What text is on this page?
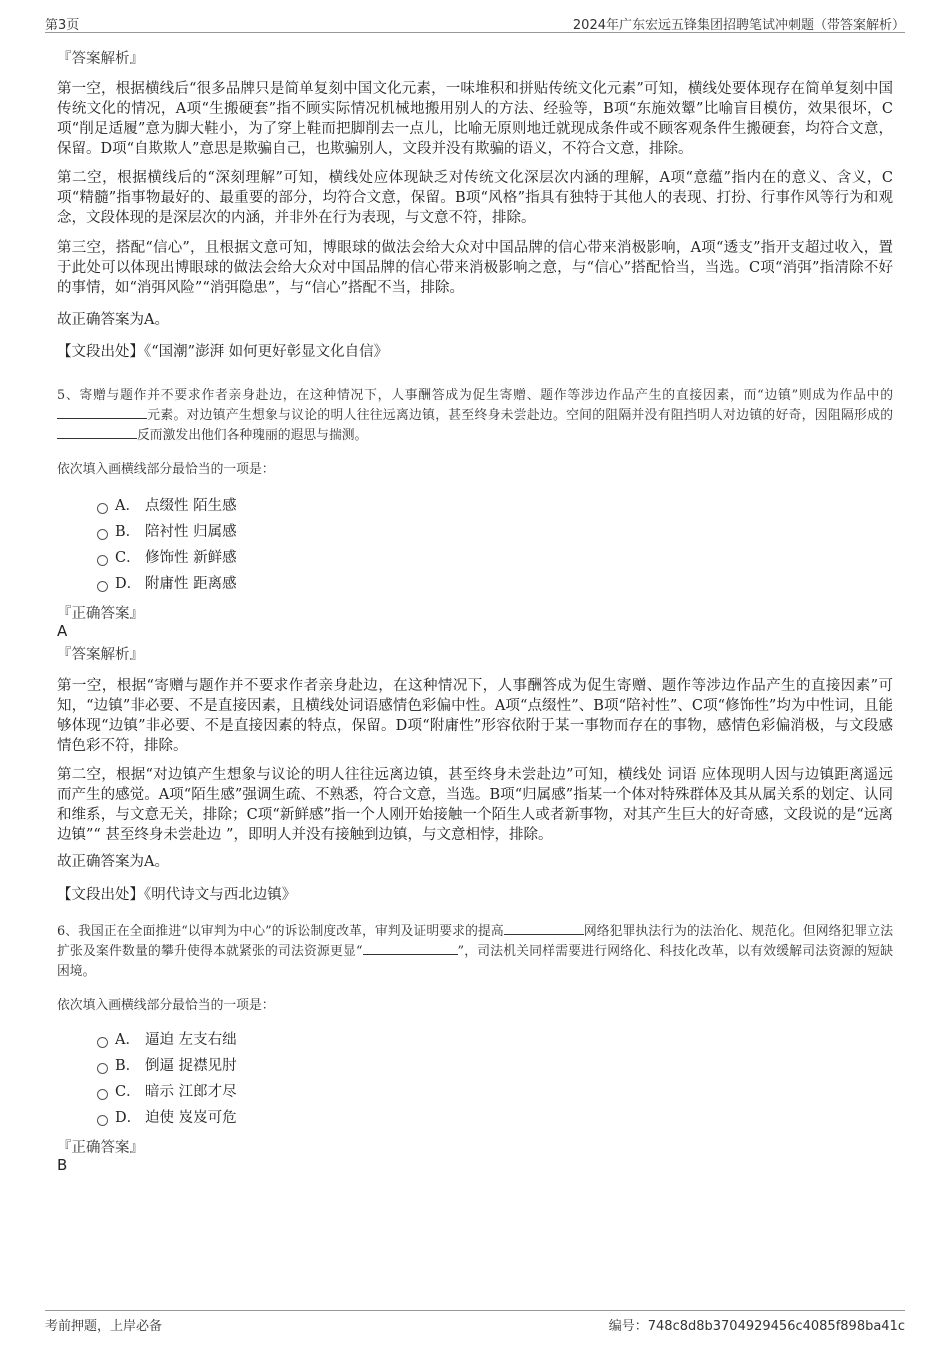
第3页	2024年广东宏远五锋集团招聘笔试冲刺题（带答案解析）
『答案解析』

第一空，根据横线后“很多品牌只是简单复刻中国文化元素，一味堆积和拼贴传统文化元素”可知，横线处要体现存在简单复刻中国传统文化的情况，A项“生搬硬套”指不顾实际情况机械地搬用别人的方法、经验等，B项“东施效颦”比喻盲目模仿，效果很坏，C项“削足适履”意为脚大鞋小，为了穿上鞋而把脚削去一点儿，比喻无原则地迁就现成条件或不顾客观条件生搬硬套，均符合文意，保留。D项“自欺欺人”意思是欺骗自己，也欺骗别人，文段并没有欺骗的语义，不符合文意，排除。

第二空，根据横线后的“深刻理解”可知，横线处应体现缺乏对传统文化深层次内涵的理解，A项“意蕴”指内在的意义、含义，C项“精髓”指事物最好的、最重要的部分，均符合文意，保留。B项“风格”指具有独特于其他人的表现、打扮、行事作风等行为和观念，文段体现的是深层次的内涵，并非外在行为表现，与文意不符，排除。

第三空，搭配“信心”，且根据文意可知，博眼球的做法会给大众对中国品牌的信心带来消极影响，A项“透支”指开支超过收入，置于此处可以体现出博眼球的做法会给大众对中国品牌的信心带来消极影响之意，与“信心”搭配恰当，当选。C项“消弭”指清除不好的事情，如“消弭风险”“消弭隐患”，与“信心”搭配不当，排除。

故正确答案为A。

【文段出处】《“国潮”澎湃 如何更好彰显文化自信》

5、寄赠与题作并不要求作者亲身赴边，在这种情况下，人事酬答成为促生寄赠、题作等涉边作品产生的直接因素，而“边镇”则成为作品中的元素。对边镇产生想象与议论的明人往往远离边镇，甚至终身未尝赴边。空间的阻隔并没有阻挡明人对边镇的好奇，因阻隔形成的反而激发出他们各种瑰丽的遐思与揣测。

依次填入画横线部分最恰当的一项是：

A． 点缀性 陌生感
B． 陪衬性 归属感
C． 修饰性 新鲜感
D． 附庸性 距离感
『正确答案』
A
『答案解析』

第一空，根据“寄赠与题作并不要求作者亲身赴边，在这种情况下，人事酬答成为促生寄赠、题作等涉边作品产生的直接因素”可知，“边镇”非必要、不是直接因素，且横线处词语感情色彩偏中性。A项“点缀性”、B项“陪衬性”、C项“修饰性”均为中性词，且能够体现“边镇”非必要、不是直接因素的特点，保留。D项“附庸性”形容依附于某一事物而存在的事物，感情色彩偏消极，与文段感情色彩不符，排除。

第二空，根据“对边镇产生想象与议论的明人往往远离边镇，甚至终身未尝赴边”可知，横线处 词语 应体现明人因与边镇距离遥远而产生的感觉。A项“陌生感”强调生疏、不熟悉，符合文意，当选。B项“归属感”指某一个体对特殊群体及其从属关系的划定、认同和维系，与文意无关，排除；C项“新鲜感”指一个人刚开始接触一个陌生人或者新事物，对其产生巨大的好奇感，文段说的是“远离边镇”“ 甚至终身未尝赴边 ”，即明人并没有接触到边镇，与文意相悖，排除。

故正确答案为A。

【文段出处】《明代诗文与西北边镇》

6、我国正在全面推进“以审判为中心”的诉讼制度改革，审判及证明要求的提高	网络犯罪执法行为的法治化、规范化。但网络犯罪立法扩张及案件数量的攀升使得本就紧张的司法资源更显“	”，司法机关同样需要进行网络化、科技化改革，以有效缓解司法资源的短缺困境。

依次填入画横线部分最恰当的一项是：

A． 逼迫 左支右绌
B． 倒逼 捉襟见肘
C． 暗示 江郎才尽
D． 迫使 岌岌可危
『正确答案』
B
考前押题，上岸必备	编号：748c8d8b3704929456c4085f898ba41c
